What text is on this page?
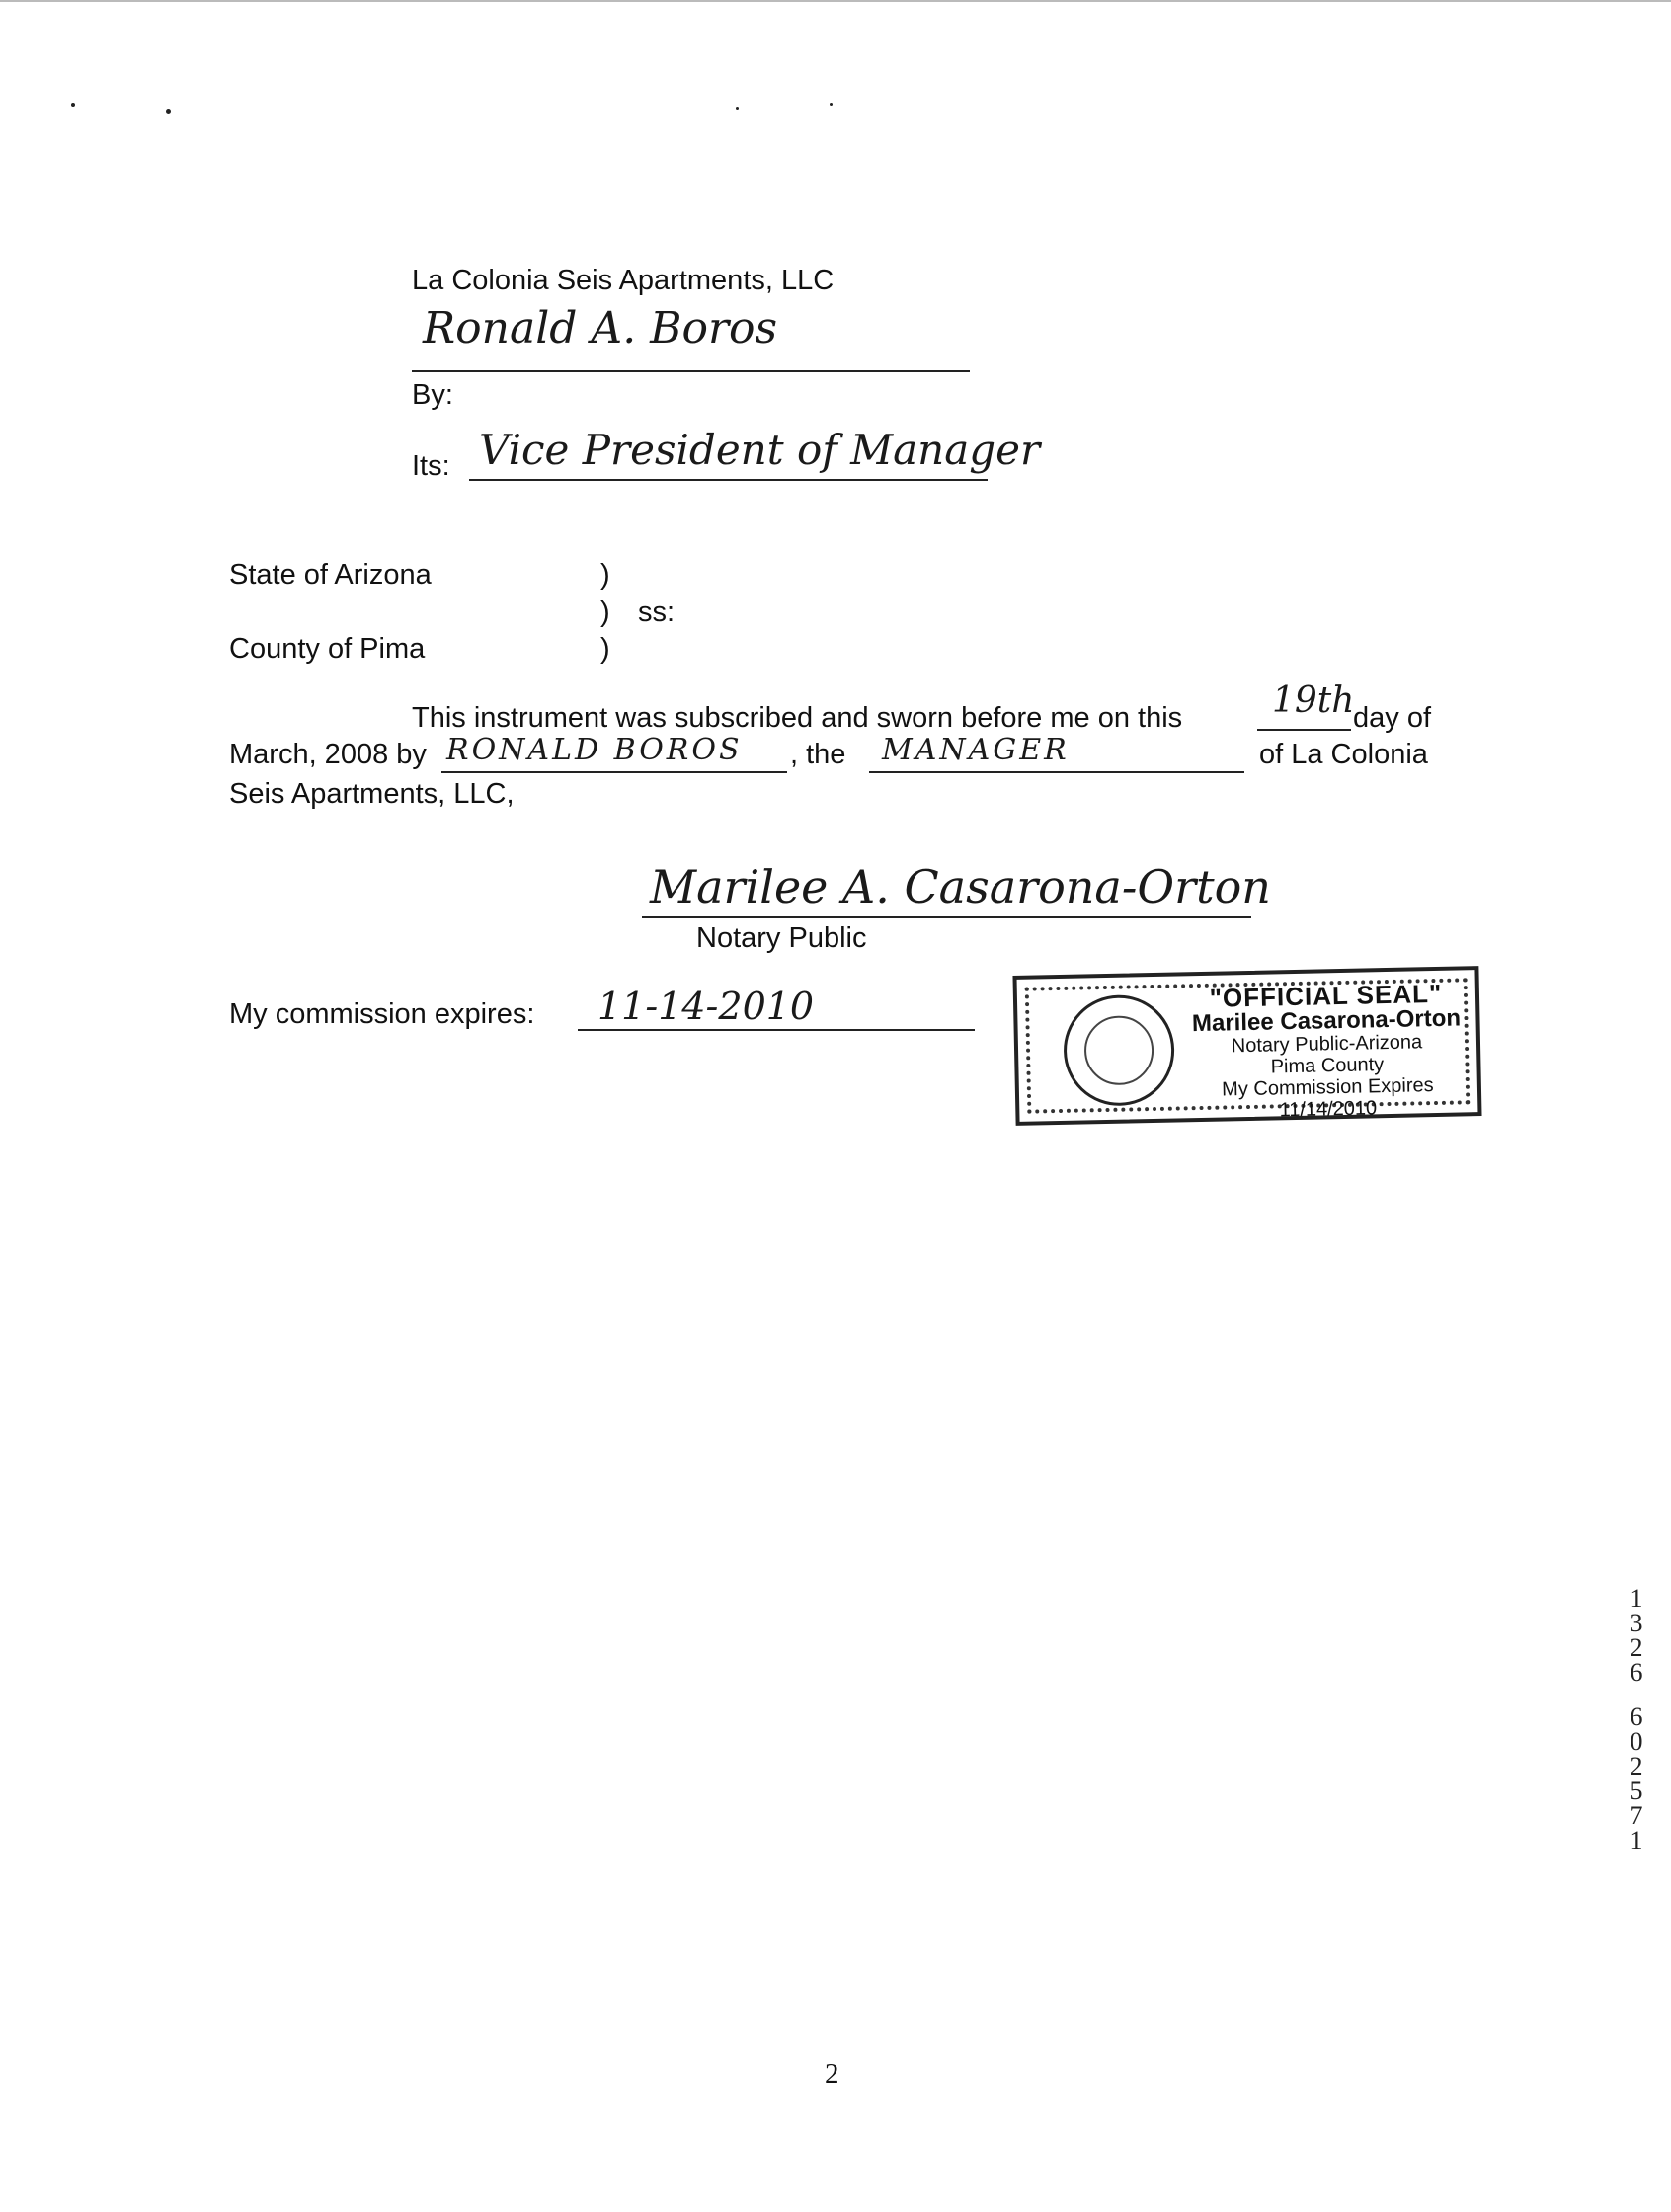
La Colonia Seis Apartments, LLC
Ronald A. Boros
By:
Its: Vice President of Manager
State of Arizona	)
) ss:
County of Pima	)
This instrument was subscribed and sworn before me on this	19th
day of
March, 2008 by RONALD BOROS , the MANAGER	of La Colonia
Seis Apartments, LLC,
Marilee A. Casarona-Orton
Notary Public
My commission expires: 11-14-2010	"OFFICIAL SEAL"
Marilee Casarona-Orton
Notary Public-Arizona
Pima County
My Commission Expires 11/14/2010
1
3
2
6
6
0
2
5
7
1
2
